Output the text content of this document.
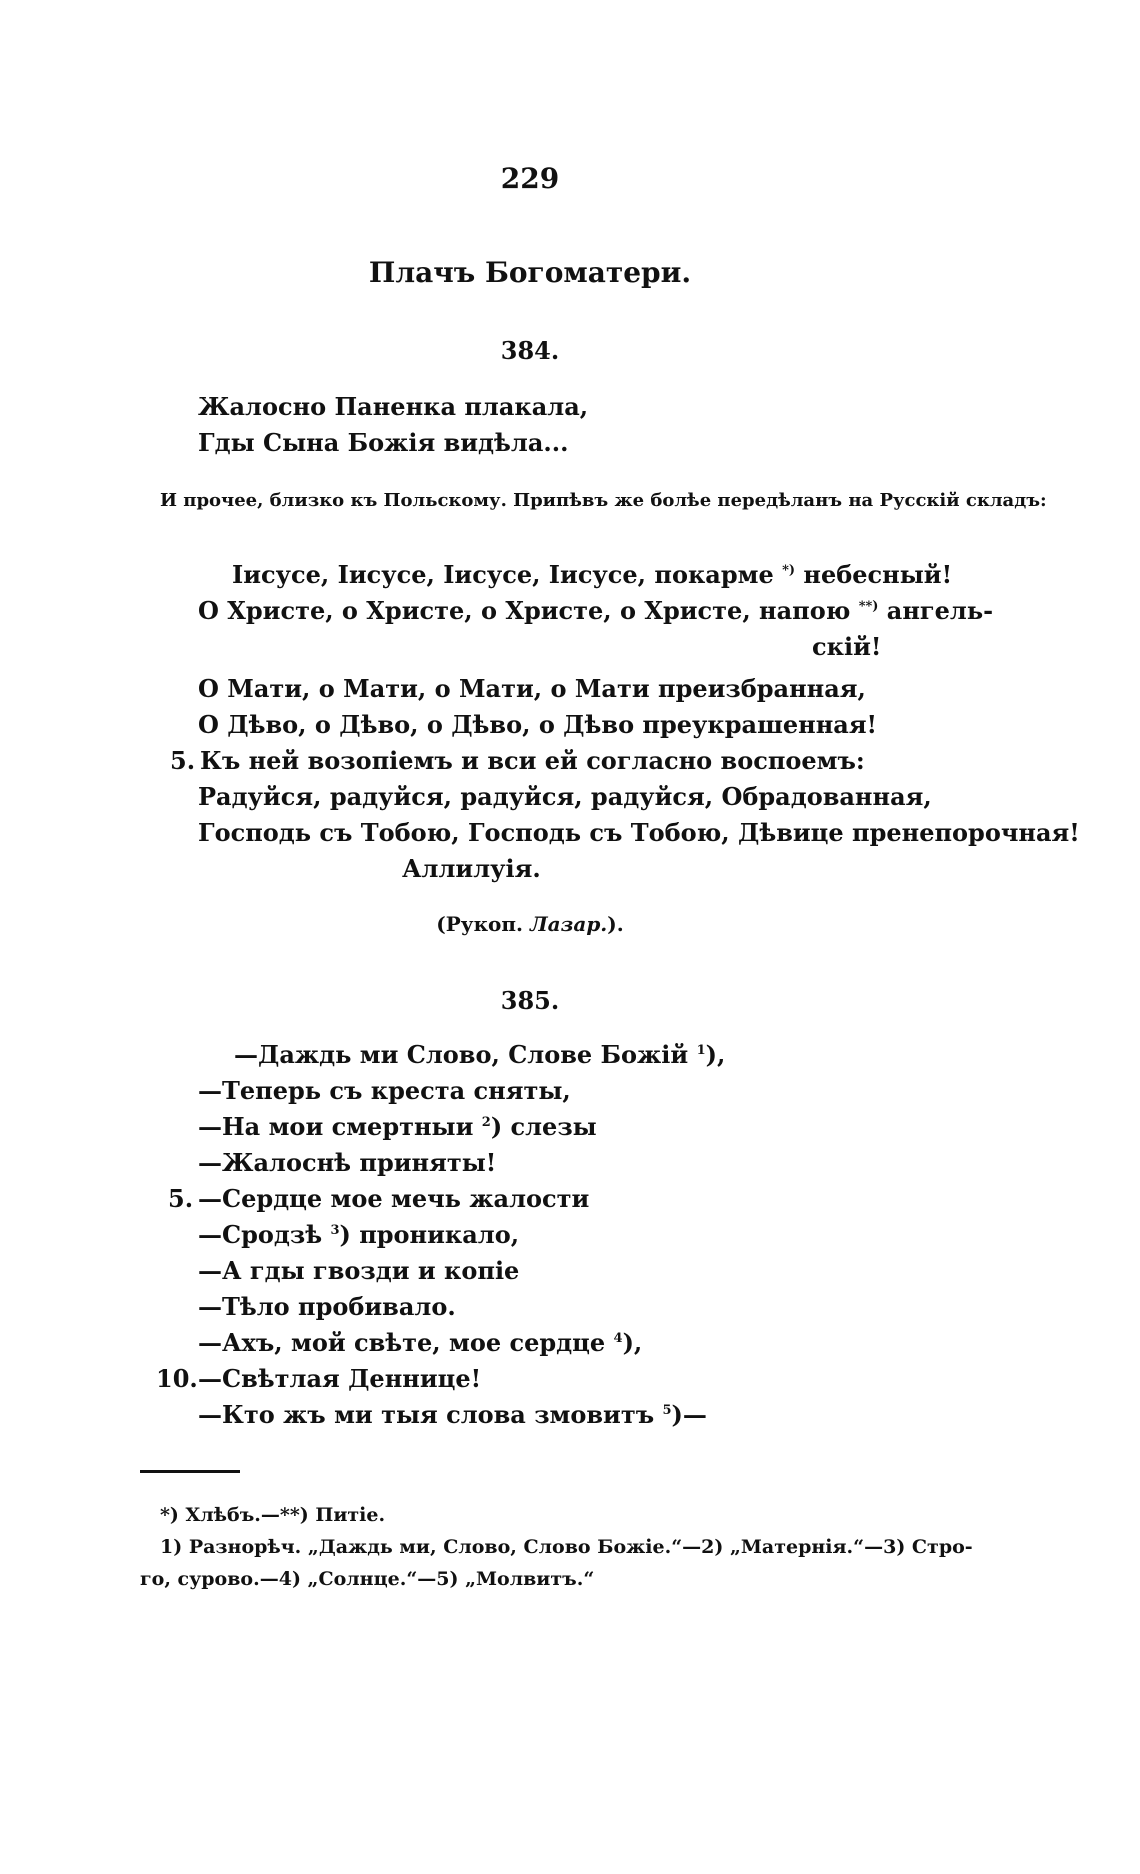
229
Плачъ Богоматери.
384.
Жалосно Паненка плакала,
Гды Сына Божія видѣла...
И прочее, близко къ Польскому. Припѣвъ же болѣе передѣланъ на Русскій складъ:
Іисусе, Іисусе, Іисусе, Іисусе, покарме *) небесный!
О Христе, о Христе, о Христе, о Христе, напою **) ангель-
скій!
О Мати, о Мати, о Мати, о Мати преизбранная,
О Дѣво, о Дѣво, о Дѣво, о Дѣво преукрашенная!
5. Къ ней возопіемъ и вси ей согласно воспоемъ:
Радуйся, радуйся, радуйся, радуйся, Обрадованная,
Господь съ Тобою, Господь съ Тобою, Дѣвице пренепорочная!
Аллилуія.
(Рукоп. Лазар.).
385.
—Даждь ми Слово, Слове Божій $^1$),
—Теперь съ креста сняты,
—На мои смертныи $^2$) слезы
—Жалоснѣ приняты!
5. —Сердце мое мечь жалости
—Сродзѣ $^3$) проникало,
—А гды гвозди и копіе
—Тѣло пробивало.
—Ахъ, мой свѣте, мое сердце $^4$),
10. —Свѣтлая Деннице!
—Кто жъ ми тыя слова змовитъ $^5$)—
*) Хлѣбъ.—**) Питіе.
1) Разнорѣч. „Даждь ми, Слово, Слово Божіе.“—2) „Матернія.“—3) Стро-
го, сурово.—4) „Солнце.“—5) „Молвитъ.“
